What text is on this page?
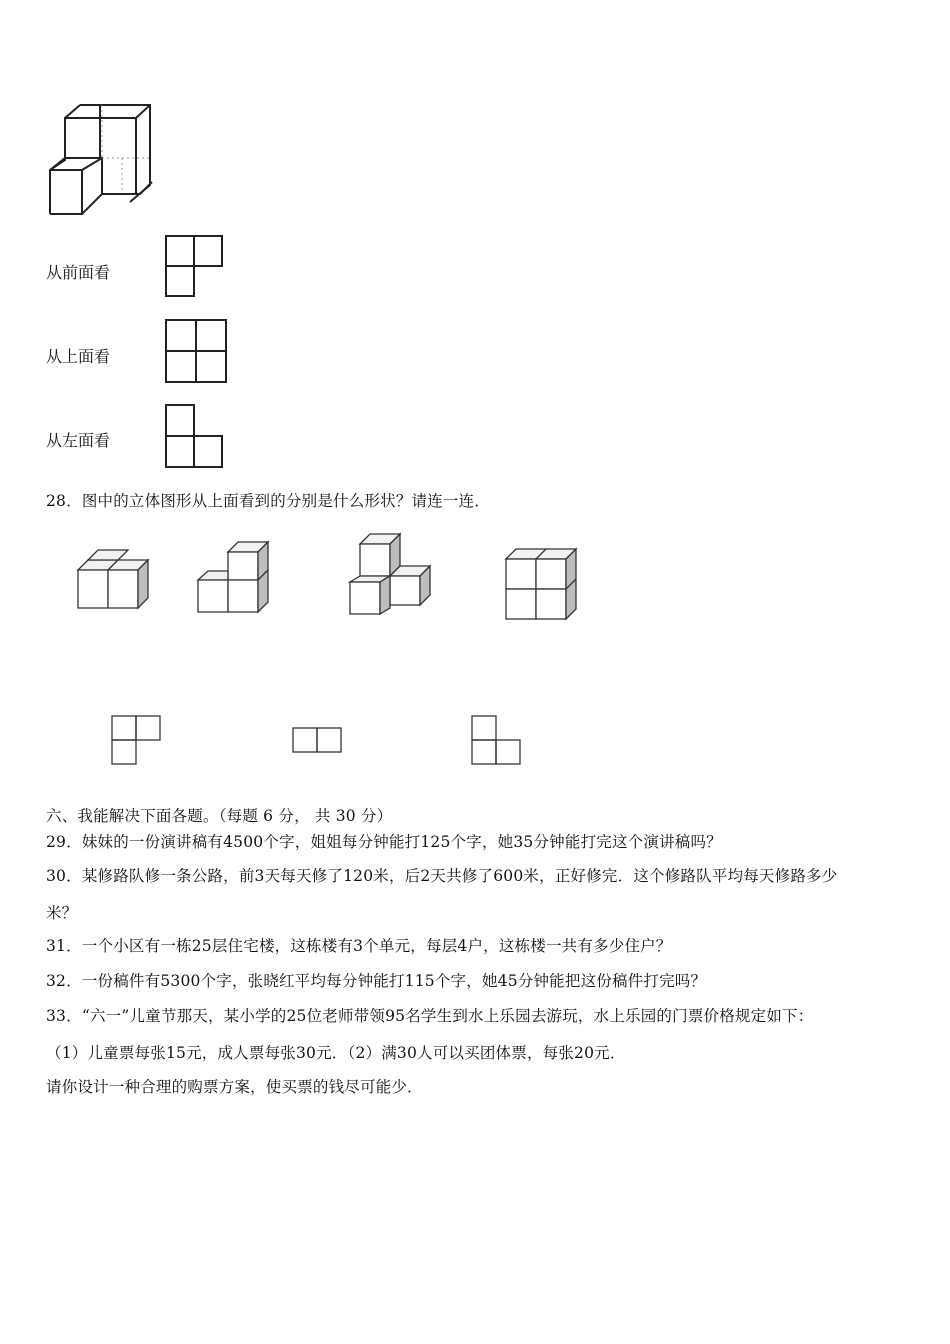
从前面看
从上面看
从左面看
28．图中的立体图形从上面看到的分别是什么形状？请连一连．
六、我能解决下面各题。（每题 6 分， 共 30 分）
29．妹妹的一份演讲稿有4500个字，姐姐每分钟能打125个字，她35分钟能打完这个演讲稿吗？
30．某修路队修一条公路，前3天每天修了120米，后2天共修了600米，正好修完．这个修路队平均每天修路多少
米？
31．一个小区有一栋25层住宅楼，这栋楼有3个单元，每层4户，这栋楼一共有多少住户？
32．一份稿件有5300个字，张晓红平均每分钟能打115个字，她45分钟能把这份稿件打完吗？
33．“六一”儿童节那天，某小学的25位老师带领95名学生到水上乐园去游玩，水上乐园的门票价格规定如下：
（1）儿童票每张15元，成人票每张30元．（2）满30人可以买团体票，每张20元．
请你设计一种合理的购票方案，使买票的钱尽可能少．
